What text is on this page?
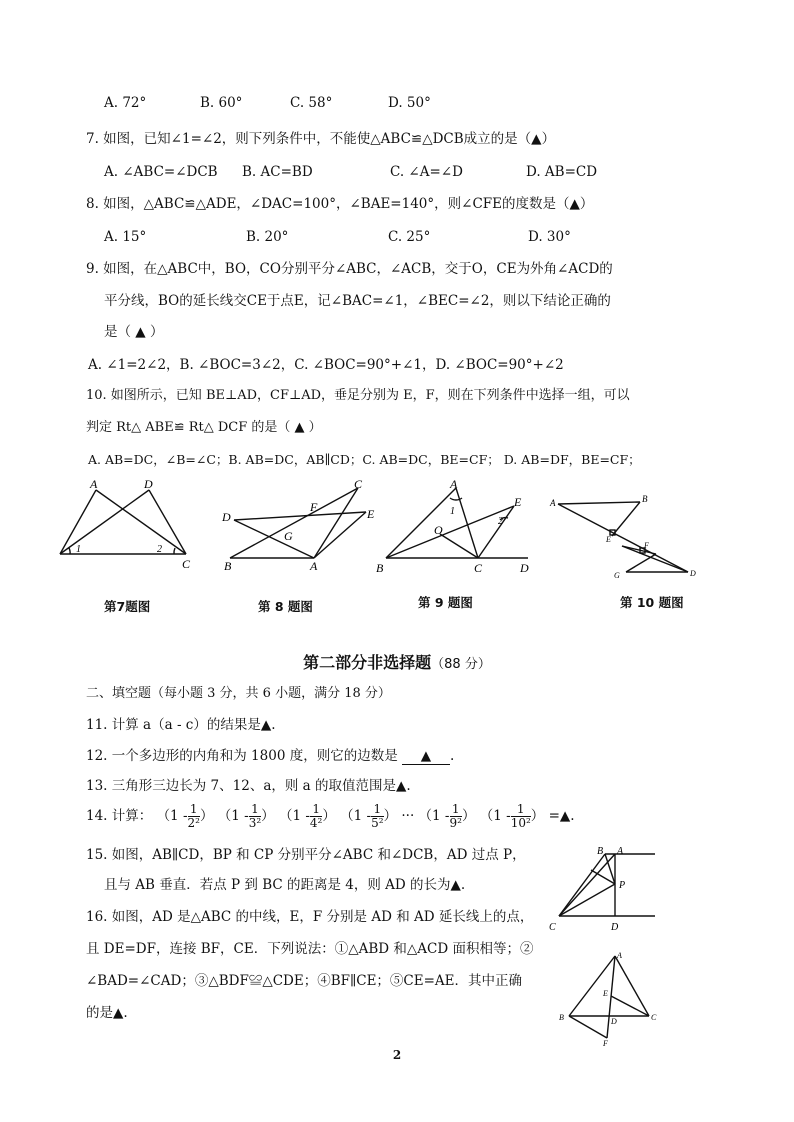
A. 72°	B. 60°	C. 58°	D. 50°
7. 如图，已知∠1=∠2，则下列条件中，不能使△ABC≌△DCB成立的是（▲）
A. ∠ABC=∠DCB B. AC=BD	C. ∠A=∠D	D. AB=CD
8. 如图，△ABC≌△ADE，∠DAC=100°，∠BAE=140°，则∠CFE的度数是（▲）
A. 15°	B. 20°	C. 25°	D. 30°
9. 如图，在△ABC中，BO，CO分别平分∠ABC，∠ACB，交于O，CE为外角∠ACD的
平分线，BO的延长线交CE于点E，记∠BAC=∠1，∠BEC=∠2，则以下结论正确的
是（ ▲ ）
A. ∠1=2∠2，B. ∠BOC=3∠2，C. ∠BOC=90°+∠1，D. ∠BOC=90°+∠2
10. 如图所示，已知 BE⊥AD，CF⊥AD，垂足分别为 E，F，则在下列条件中选择一组，可以
判定 Rt△ ABE≌ Rt△ DCF 的是（ ▲ ）
A. AB=DC，∠B=∠C；B. AB=DC，AB∥CD；C. AB=DC，BE=CF； D. AB=DF，BE=CF；
A	D
1	2
C
第7题图
C
F
D	E
G
B	A
第 8 题图
A
E
1
O
2
B	C	D
第 9 题图
A	B
E
F
G	D
第 10 题图
第二部分非选择题（88 分）
二、填空题（每小题 3 分，共 6 小题，满分 18 分）
11. 计算 a（a - c）的结果是▲.
12. 一个多边形的内角和为 1800 度，则它的边数是 ▲ .
13. 三角形三边长为 7、12、a，则 a 的取值范围是▲.
14. 计算： （$1 - \frac{1}{\text{2²}}$ ） （$1 - \frac{1}{\text{3²}}$ ） （$1 - \frac{1}{\text{4²}}$ ） （$1 - \frac{1}{\text{5²}}$ ） ··· （$1 - \frac{1}{\text{9²}}$ ） （$1 - \frac{1}{\text{10²}}$ ） =▲.
15. 如图，AB∥CD，BP 和 CP 分别平分∠ABC 和∠DCB，AD 过点 P，
且与 AB 垂直．若点 P 到 BC 的距离是 4，则 AD 的长为▲.
B A
P
C	D
16. 如图，AD 是△ABC 的中线，E，F 分别是 AD 和 AD 延长线上的点，
且 DE=DF，连接 BF，CE．下列说法：①△ABD 和△ACD 面积相等；②
∠BAD=∠CAD；③△BDF≌△CDE；④BF∥CE；⑤CE=AE．其中正确
的是▲.
A
E
B	D	C
F
2
